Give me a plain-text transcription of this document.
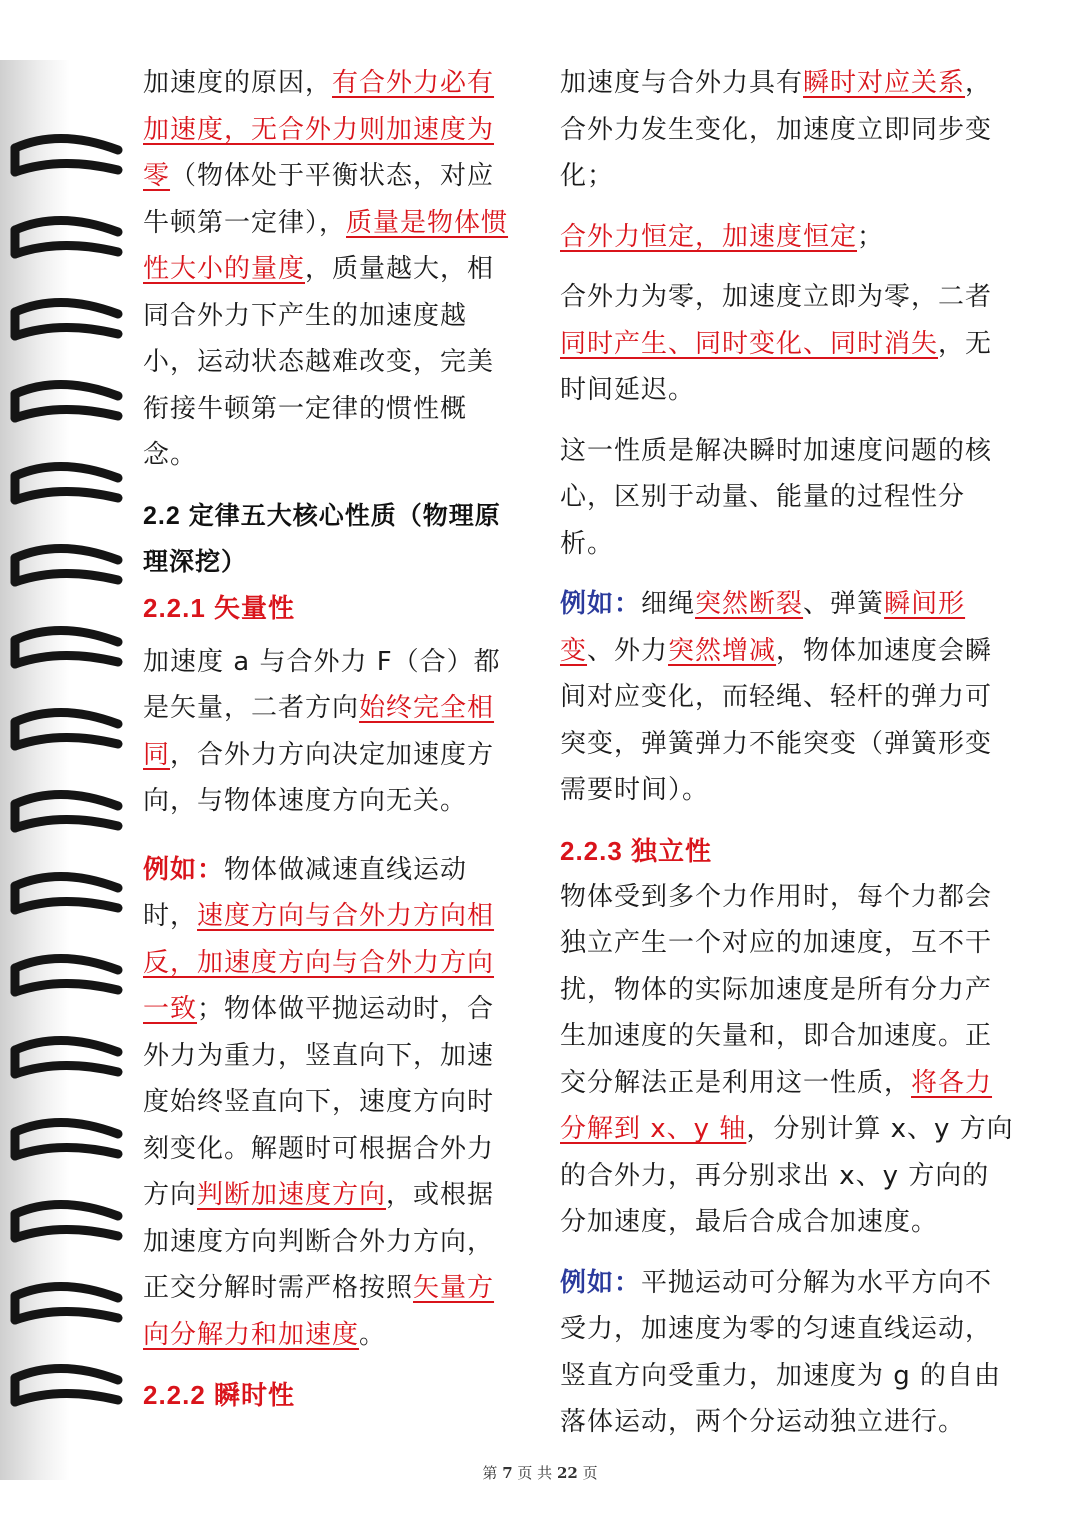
加速度的原因，有合外力必有加速度，无合外力则加速度为零（物体处于平衡状态，对应牛顿第一定律），质量是物体惯性大小的量度，质量越大，相同合外力下产生的加速度越小，运动状态越难改变，完美衔接牛顿第一定律的惯性概念。

2.2 定律五大核心性质（物理原理深挖）
2.2.1 矢量性

加速度 a 与合外力 F（合）都是矢量，二者方向始终完全相同，合外力方向决定加速度方向，与物体速度方向无关。

例如：物体做减速直线运动时，速度方向与合外力方向相反，加速度方向与合外力方向一致；物体做平抛运动时，合外力为重力，竖直向下，加速度始终竖直向下，速度方向时刻变化。解题时可根据合外力方向判断加速度方向，或根据加速度方向判断合外力方向，正交分解时需严格按照矢量方向分解力和加速度。

2.2.2 瞬时性

加速度与合外力具有瞬时对应关系，合外力发生变化，加速度立即同步变化；

合外力恒定，加速度恒定；

合外力为零，加速度立即为零，二者同时产生、同时变化、同时消失，无时间延迟。

这一性质是解决瞬时加速度问题的核心，区别于动量、能量的过程性分析。

例如：细绳突然断裂、弹簧瞬间形变、外力突然增减，物体加速度会瞬间对应变化，而轻绳、轻杆的弹力可突变，弹簧弹力不能突变（弹簧形变需要时间）。

2.2.3 独立性

物体受到多个力作用时，每个力都会独立产生一个对应的加速度，互不干扰，物体的实际加速度是所有分力产生加速度的矢量和，即合加速度。正交分解法正是利用这一性质，将各力分解到 x、y 轴，分别计算 x、y 方向的合外力，再分别求出 x、y 方向的分加速度，最后合成合加速度。

例如：平抛运动可分解为水平方向不受力，加速度为零的匀速直线运动，竖直方向受重力，加速度为 g 的自由落体运动，两个分运动独立进行。

第 7 页 共 22 页
